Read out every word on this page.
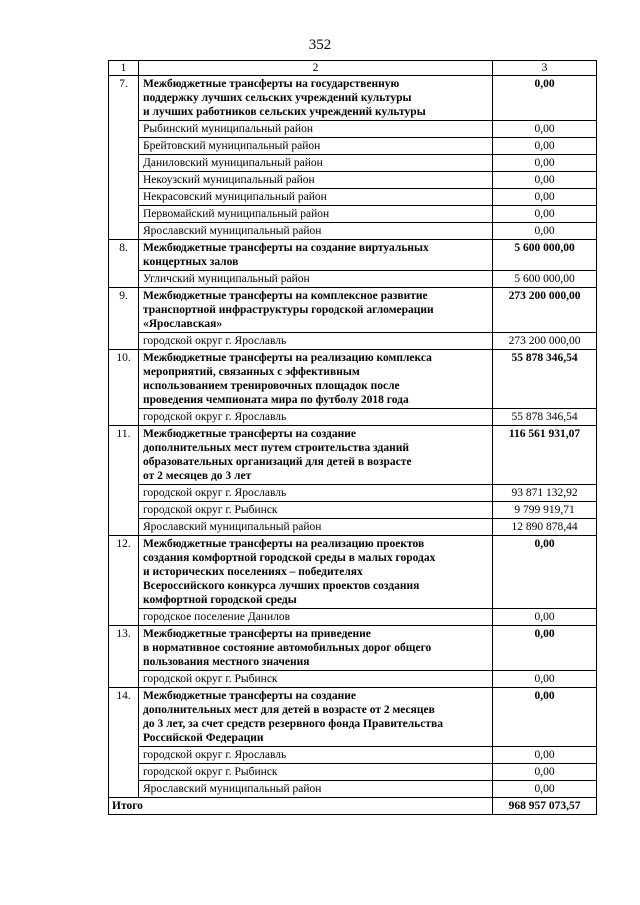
352
1	2	3
7.	Межбюджетные трансферты на государственную
поддержку лучших сельских учреждений культуры
и лучших работников сельских учреждений культуры	0,00
	Рыбинский муниципальный район	0,00
	Брейтовский муниципальный район	0,00
	Даниловский муниципальный район	0,00
	Некоузский муниципальный район	0,00
	Некрасовский муниципальный район	0,00
	Первомайский муниципальный район	0,00
	Ярославский муниципальный район	0,00
8.	Межбюджетные трансферты на создание виртуальных
концертных залов	5 600 000,00
	Угличский муниципальный район	5 600 000,00
9.	Межбюджетные трансферты на комплексное развитие
транспортной инфраструктуры городской агломерации
«Ярославская»	273 200 000,00
	городской округ г. Ярославль	273 200 000,00
10.	Межбюджетные трансферты на реализацию комплекса
мероприятий, связанных с эффективным
использованием тренировочных площадок после
проведения чемпионата мира по футболу 2018 года	55 878 346,54
	городской округ г. Ярославль	55 878 346,54
11.	Межбюджетные трансферты на создание
дополнительных мест путем строительства зданий
образовательных организаций для детей в возрасте
от 2 месяцев до 3 лет	116 561 931,07
	городской округ г. Ярославль	93 871 132,92
	городской округ г. Рыбинск	9 799 919,71
	Ярославский муниципальный район	12 890 878,44
12.	Межбюджетные трансферты на реализацию проектов
создания комфортной городской среды в малых городах
и исторических поселениях – победителях
Всероссийского конкурса лучших проектов создания
комфортной городской среды	0,00
	городское поселение Данилов	0,00
13.	Межбюджетные трансферты на приведение
в нормативное состояние автомобильных дорог общего
пользования местного значения	0,00
	городской округ г. Рыбинск	0,00
14.	Межбюджетные трансферты на создание
дополнительных мест для детей в возрасте от 2 месяцев
до 3 лет, за счет средств резервного фонда Правительства
Российской Федерации	0,00
	городской округ г. Ярославль	0,00
	городской округ г. Рыбинск	0,00
	Ярославский муниципальный район	0,00
Итого		968 957 073,57
